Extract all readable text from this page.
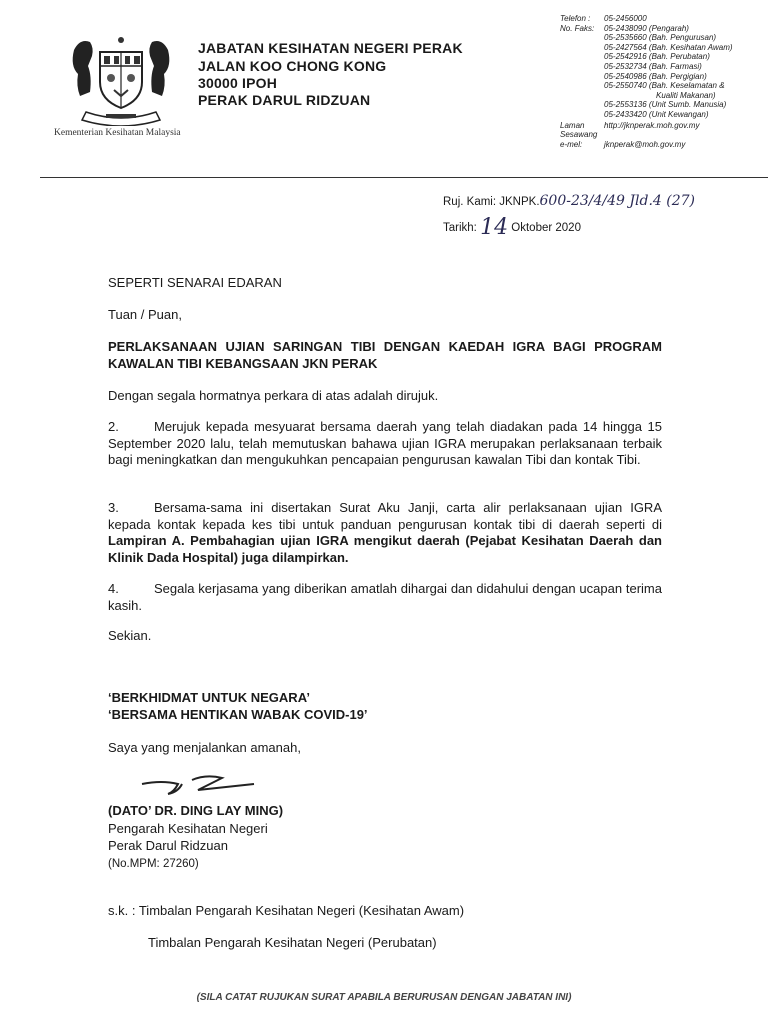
Kementerian Kesihatan Malaysia
JABATAN KESIHATAN NEGERI PERAK
JALAN KOO CHONG KONG
30000 IPOH
PERAK DARUL RIDZUAN
Telefon :	05-2456000
No. Faks:	05-2438090 (Pengarah)
05-2535660 (Bah. Pengurusan)
05-2427564 (Bah. Kesihatan Awam)
05-2542916 (Bah. Perubatan)
05-2532734 (Bah. Farmasi)
05-2540986 (Bah. Pergigian)
05-2550740 (Bah. Keselamatan &
Kualiti Makanan)
05-2553136 (Unit Sumb. Manusia)
05-2433420 (Unit Kewangan)
Laman Sesawang
http://jknperak.moh.gov.my
e-mel:	jknperak@moh.gov.my
Ruj. Kami: JKNPK.600-23/4/49 Jld.4 (27)
Tarikh: 14 Oktober 2020
SEPERTI SENARAI EDARAN
Tuan / Puan,
PERLAKSANAAN UJIAN SARINGAN TIBI DENGAN KAEDAH IGRA BAGI PROGRAM KAWALAN TIBI KEBANGSAAN JKN PERAK
Dengan segala hormatnya perkara di atas adalah dirujuk.
2.	Merujuk kepada mesyuarat bersama daerah yang telah diadakan pada 14 hingga 15 September 2020 lalu, telah memutuskan bahawa ujian IGRA merupakan perlaksanaan terbaik bagi meningkatkan dan mengukuhkan pencapaian pengurusan kawalan Tibi dan kontak Tibi.
3.	Bersama-sama ini disertakan Surat Aku Janji, carta alir perlaksanaan ujian IGRA kepada kontak kepada kes tibi untuk panduan pengurusan kontak tibi di daerah seperti di Lampiran A. Pembahagian ujian IGRA mengikut daerah (Pejabat Kesihatan Daerah dan Klinik Dada Hospital) juga dilampirkan.
4.	Segala kerjasama yang diberikan amatlah dihargai dan didahului dengan ucapan terima kasih.
Sekian.
‘BERKHIDMAT UNTUK NEGARA’
‘BERSAMA HENTIKAN WABAK COVID-19’
Saya yang menjalankan amanah,
(DATO’ DR. DING LAY MING)
Pengarah Kesihatan Negeri
Perak Darul Ridzuan
(No.MPM: 27260)
s.k. : Timbalan Pengarah Kesihatan Negeri (Kesihatan Awam)
Timbalan Pengarah Kesihatan Negeri (Perubatan)
(SILA CATAT RUJUKAN SURAT APABILA BERURUSAN DENGAN JABATAN INI)
